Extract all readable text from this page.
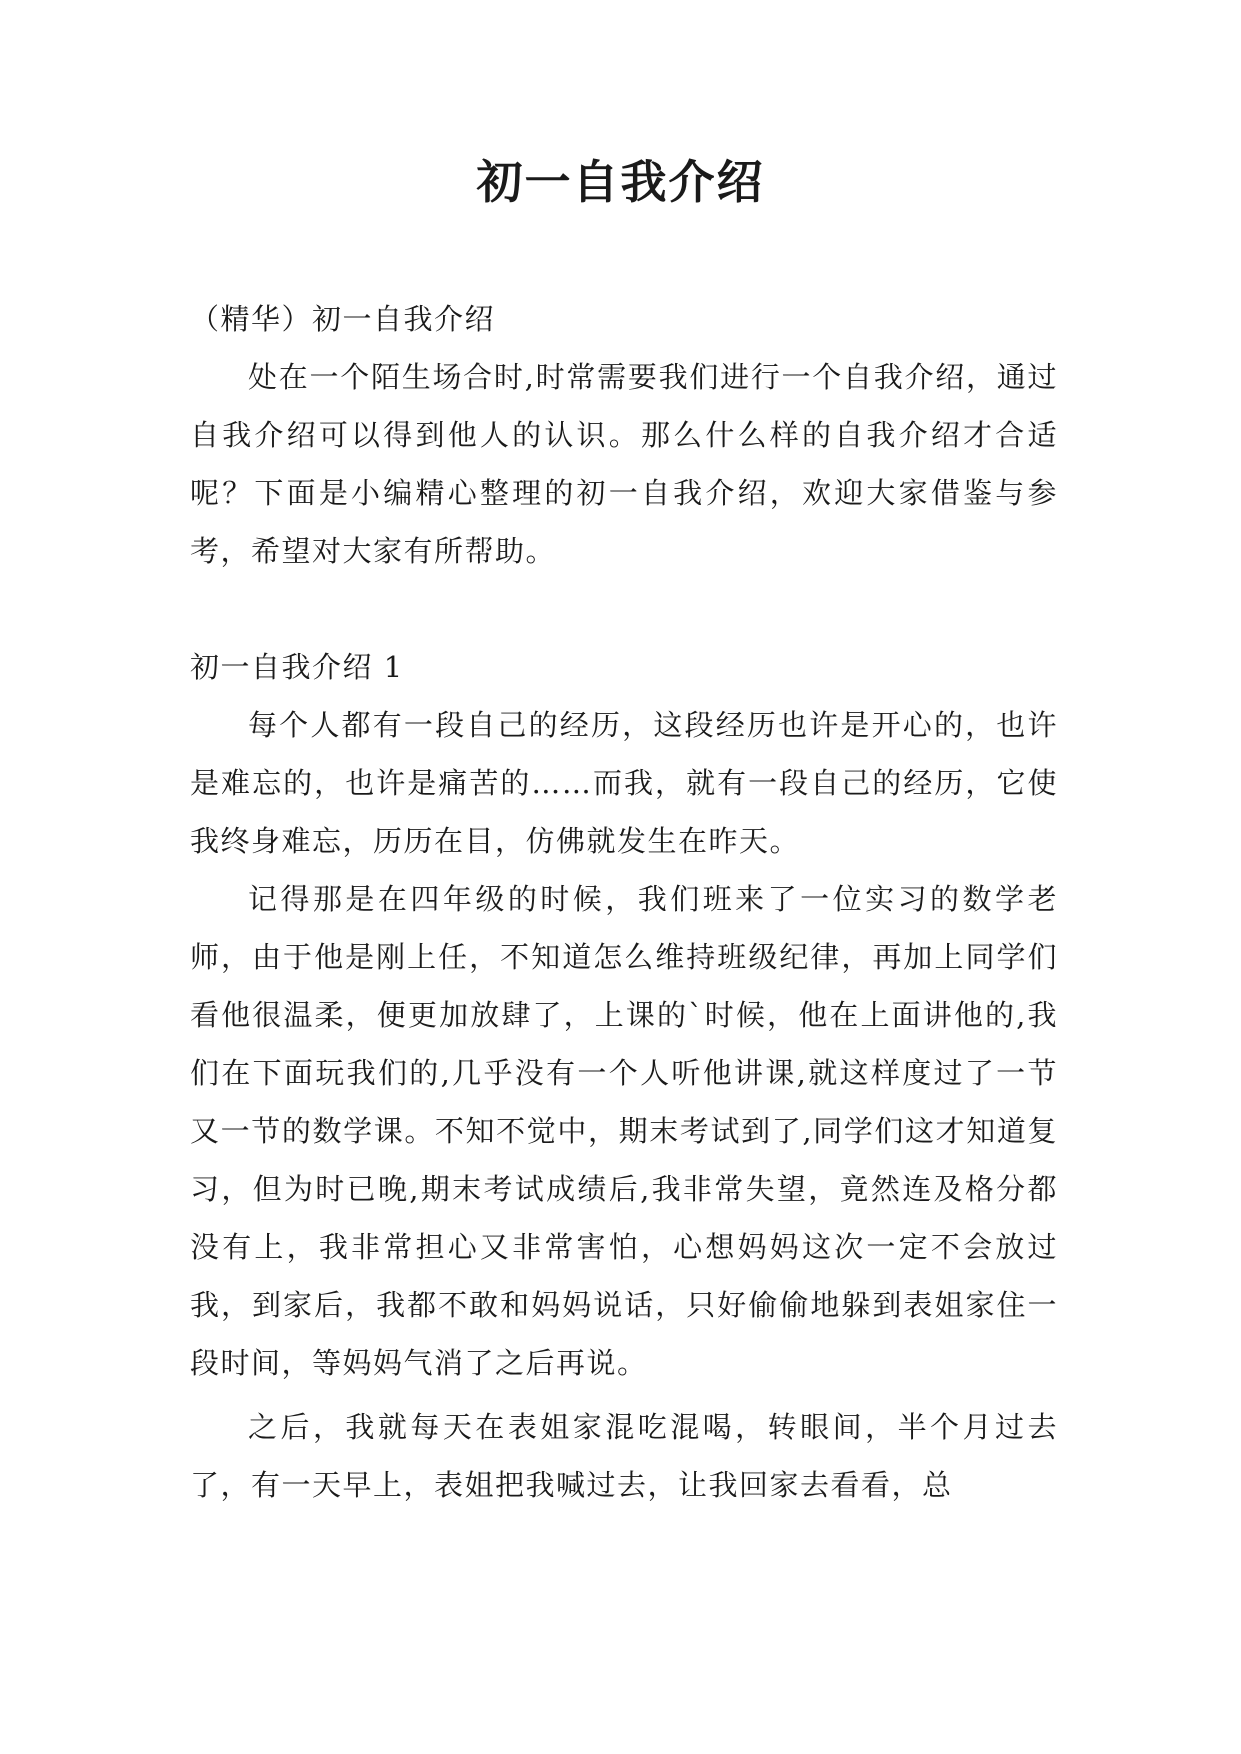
初一自我介绍

（精华）初一自我介绍

处在一个陌生场合时,时常需要我们进行一个自我介绍，通过自我介绍可以得到他人的认识。那么什么样的自我介绍才合适呢？下面是小编精心整理的初一自我介绍，欢迎大家借鉴与参考，希望对大家有所帮助。

初一自我介绍 1

每个人都有一段自己的经历，这段经历也许是开心的，也许是难忘的，也许是痛苦的……而我，就有一段自己的经历，它使我终身难忘，历历在目，仿佛就发生在昨天。

记得那是在四年级的时候，我们班来了一位实习的数学老师，由于他是刚上任，不知道怎么维持班级纪律，再加上同学们看他很温柔，便更加放肆了，上课的`时候，他在上面讲他的,我们在下面玩我们的,几乎没有一个人听他讲课,就这样度过了一节又一节的数学课。不知不觉中，期末考试到了,同学们这才知道复习，但为时已晚,期末考试成绩后,我非常失望，竟然连及格分都没有上，我非常担心又非常害怕，心想妈妈这次一定不会放过我，到家后，我都不敢和妈妈说话，只好偷偷地躲到表姐家住一段时间，等妈妈气消了之后再说。

之后，我就每天在表姐家混吃混喝，转眼间，半个月过去了，有一天早上，表姐把我喊过去，让我回家去看看，总
